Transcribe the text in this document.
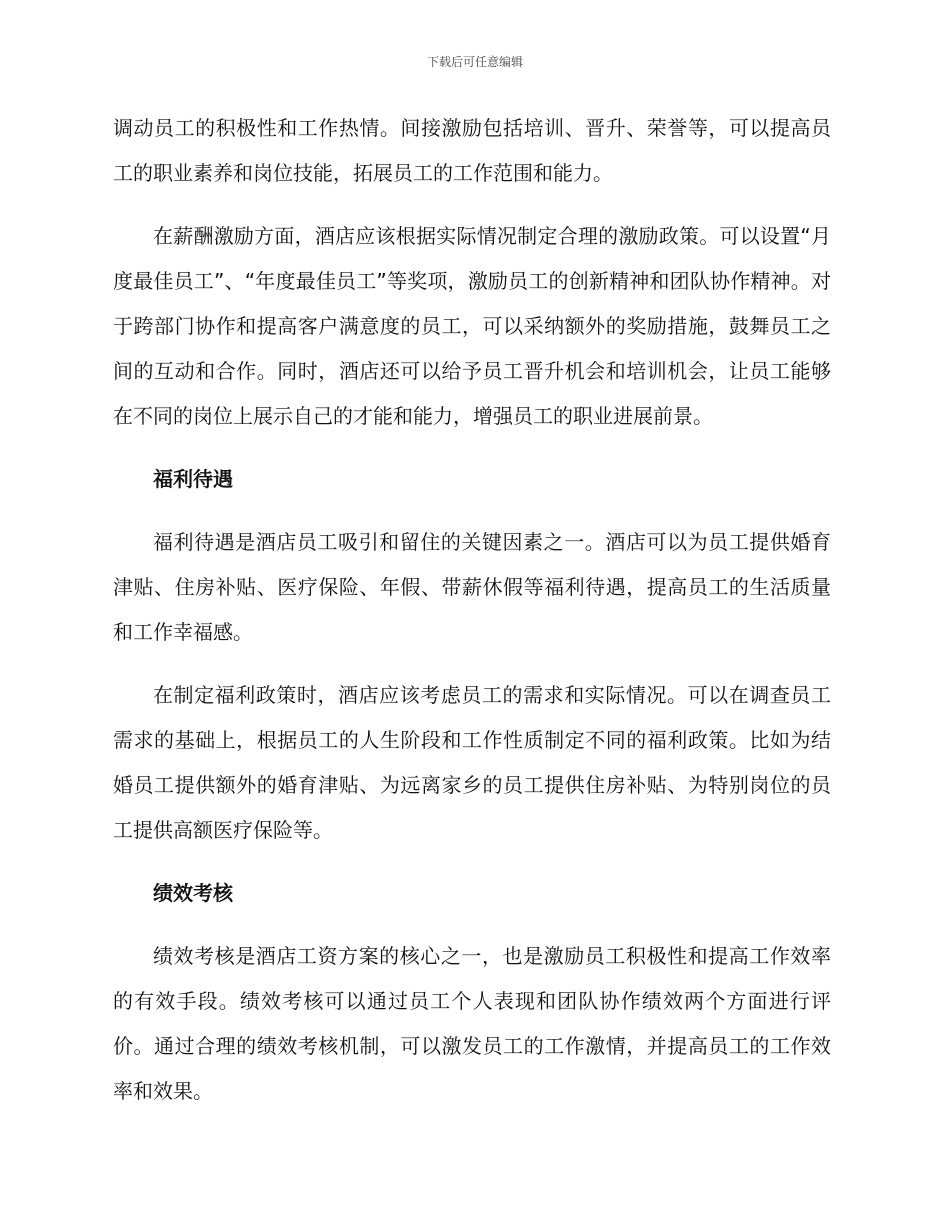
下载后可任意编辑

调动员工的积极性和工作热情。间接激励包括培训、晋升、荣誉等，可以提高员工的职业素养和岗位技能，拓展员工的工作范围和能力。

在薪酬激励方面，酒店应该根据实际情况制定合理的激励政策。可以设置“月度最佳员工”、“年度最佳员工”等奖项，激励员工的创新精神和团队协作精神。对于跨部门协作和提高客户满意度的员工，可以采纳额外的奖励措施，鼓舞员工之间的互动和合作。同时，酒店还可以给予员工晋升机会和培训机会，让员工能够在不同的岗位上展示自己的才能和能力，增强员工的职业进展前景。

福利待遇

福利待遇是酒店员工吸引和留住的关键因素之一。酒店可以为员工提供婚育津贴、住房补贴、医疗保险、年假、带薪休假等福利待遇，提高员工的生活质量和工作幸福感。

在制定福利政策时，酒店应该考虑员工的需求和实际情况。可以在调查员工需求的基础上，根据员工的人生阶段和工作性质制定不同的福利政策。比如为结婚员工提供额外的婚育津贴、为远离家乡的员工提供住房补贴、为特别岗位的员工提供高额医疗保险等。

绩效考核

绩效考核是酒店工资方案的核心之一，也是激励员工积极性和提高工作效率的有效手段。绩效考核可以通过员工个人表现和团队协作绩效两个方面进行评价。通过合理的绩效考核机制，可以激发员工的工作激情，并提高员工的工作效率和效果。
